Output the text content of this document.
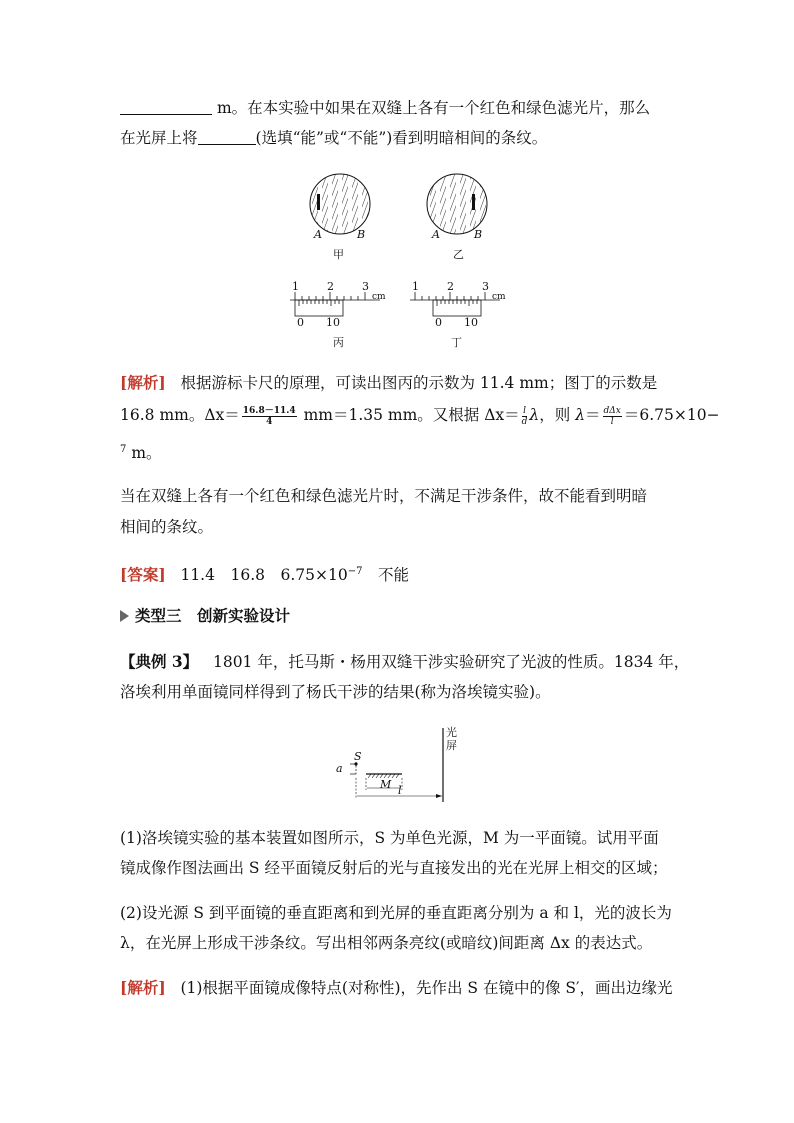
m。在本实验中如果在双缝上各有一个红色和绿色滤光片，那么
在光屏上将	(选填“能”或“不能”)看到明暗相间的条纹。
A	B
甲
A	B
乙
1	2	3
cm
0 10
丙
1	2	3
cm
0 10
丁
[解析] 根据游标卡尺的原理，可读出图丙的示数为 11.4 mm；图丁的示数是
16.8 mm。$\Delta x= \frac{16.8-11.4}{4} mm=1.35$ mm。又根据 $\Delta x= \frac{l}{d}$ λ，则 $\lambda= \frac{\text{dΔx}}{l} =6.75\times 10-$
$^7$ m。
当在双缝上各有一个红色和绿色滤光片时，不满足干涉条件，故不能看到明暗
相间的条纹。
[答案] 11.4　16.8　$6.75\times 10^{-7}$　不能
类型三　创新实验设计
【典例 3】 1801 年，托马斯・杨用双缝干涉实验研究了光波的性质。1834 年，
洛埃利用单面镜同样得到了杨氏干涉的结果(称为洛埃镜实验)。
S
a
M l
光
屏
(1)洛埃镜实验的基本装置如图所示，S 为单色光源，M 为一平面镜。试用平面
镜成像作图法画出 S 经平面镜反射后的光与直接发出的光在光屏上相交的区域；
(2)设光源 S 到平面镜的垂直距离和到光屏的垂直距离分别为 a 和 l，光的波长为
λ，在光屏上形成干涉条纹。写出相邻两条亮纹(或暗纹)间距离 Δx 的表达式。
[解析] (1)根据平面镜成像特点(对称性)，先作出 S 在镜中的像 S′，画出边缘光
